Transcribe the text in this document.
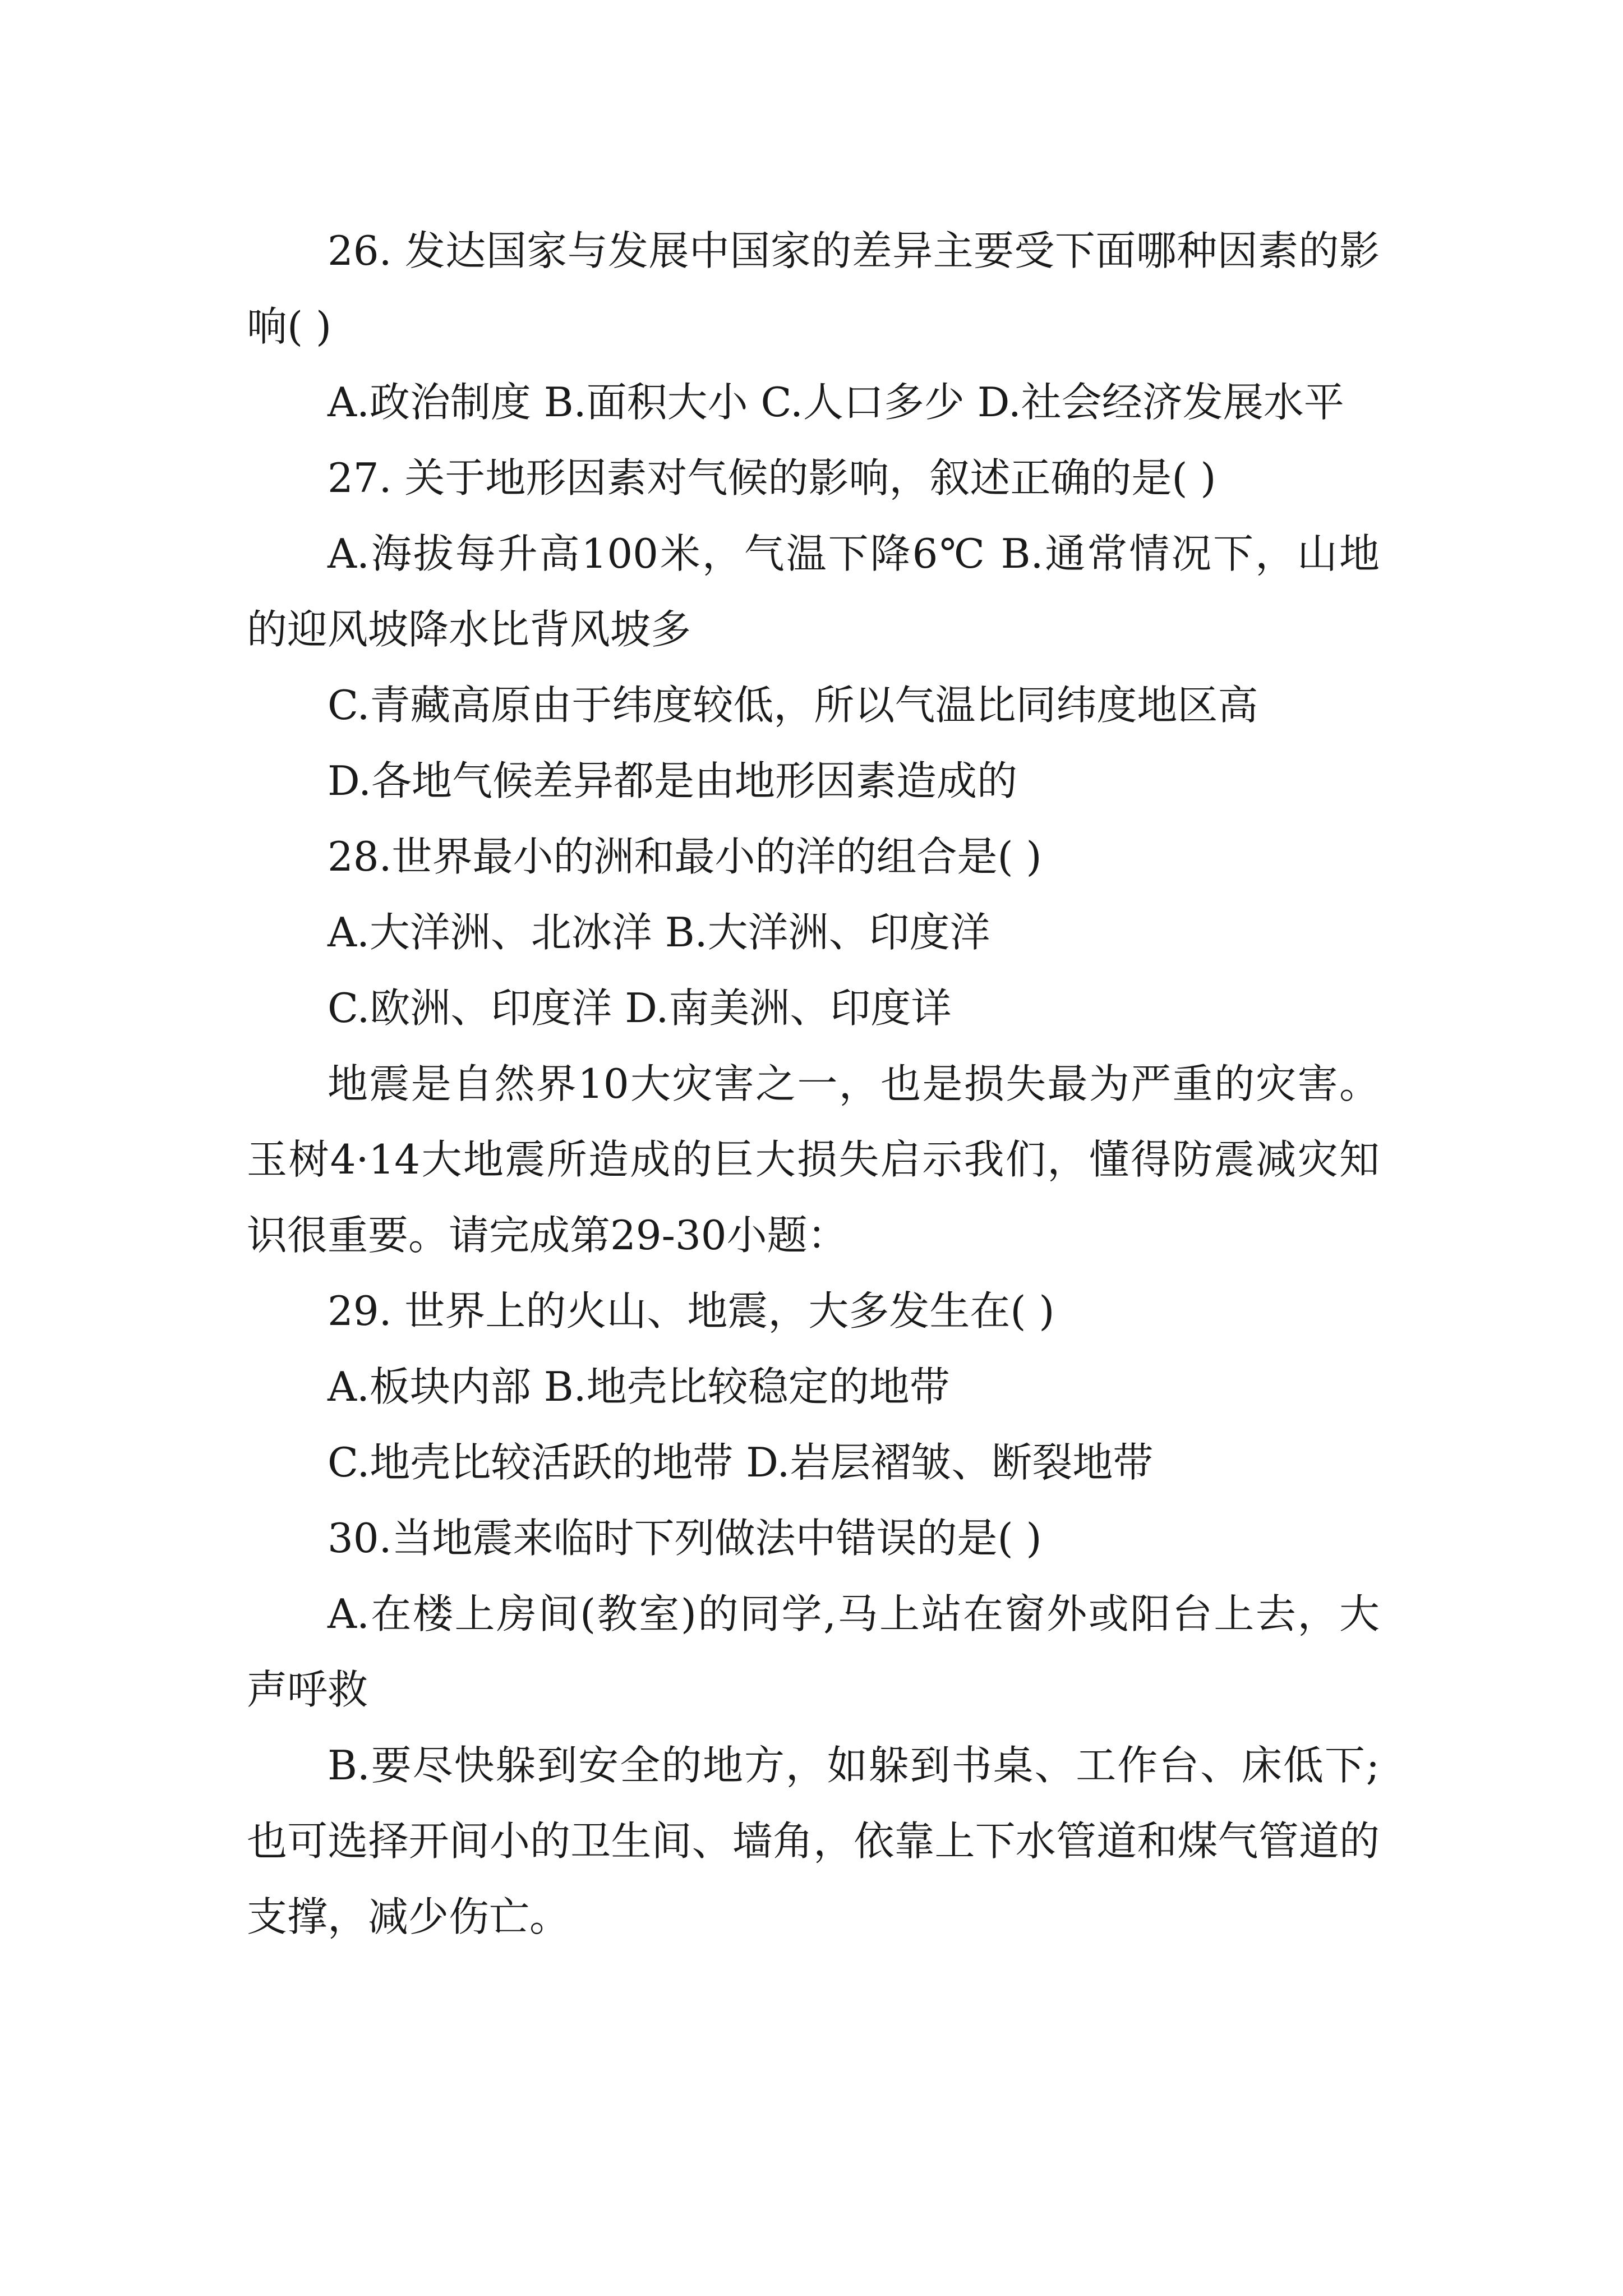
26. 发达国家与发展中国家的差异主要受下面哪种因素的影响( )

A.政治制度 B.面积大小 C.人口多少 D.社会经济发展水平

27. 关于地形因素对气候的影响，叙述正确的是( )

A.海拔每升高100米，气温下降6℃ B.通常情况下，山地的迎风坡降水比背风坡多

C.青藏高原由于纬度较低，所以气温比同纬度地区高

D.各地气候差异都是由地形因素造成的

28.世界最小的洲和最小的洋的组合是( )

A.大洋洲、北冰洋 B.大洋洲、印度洋

C.欧洲、印度洋 D.南美洲、印度详

地震是自然界10大灾害之一，也是损失最为严重的灾害。玉树4·14大地震所造成的巨大损失启示我们，懂得防震减灾知识很重要。请完成第29-30小题：

29. 世界上的火山、地震，大多发生在( )

A.板块内部 B.地壳比较稳定的地带

C.地壳比较活跃的地带 D.岩层褶皱、断裂地带

30.当地震来临时下列做法中错误的是( )

A.在楼上房间(教室)的同学,马上站在窗外或阳台上去，大声呼救

B.要尽快躲到安全的地方，如躲到书桌、工作台、床低下;也可选择开间小的卫生间、墙角，依靠上下水管道和煤气管道的支撑，减少伤亡。
